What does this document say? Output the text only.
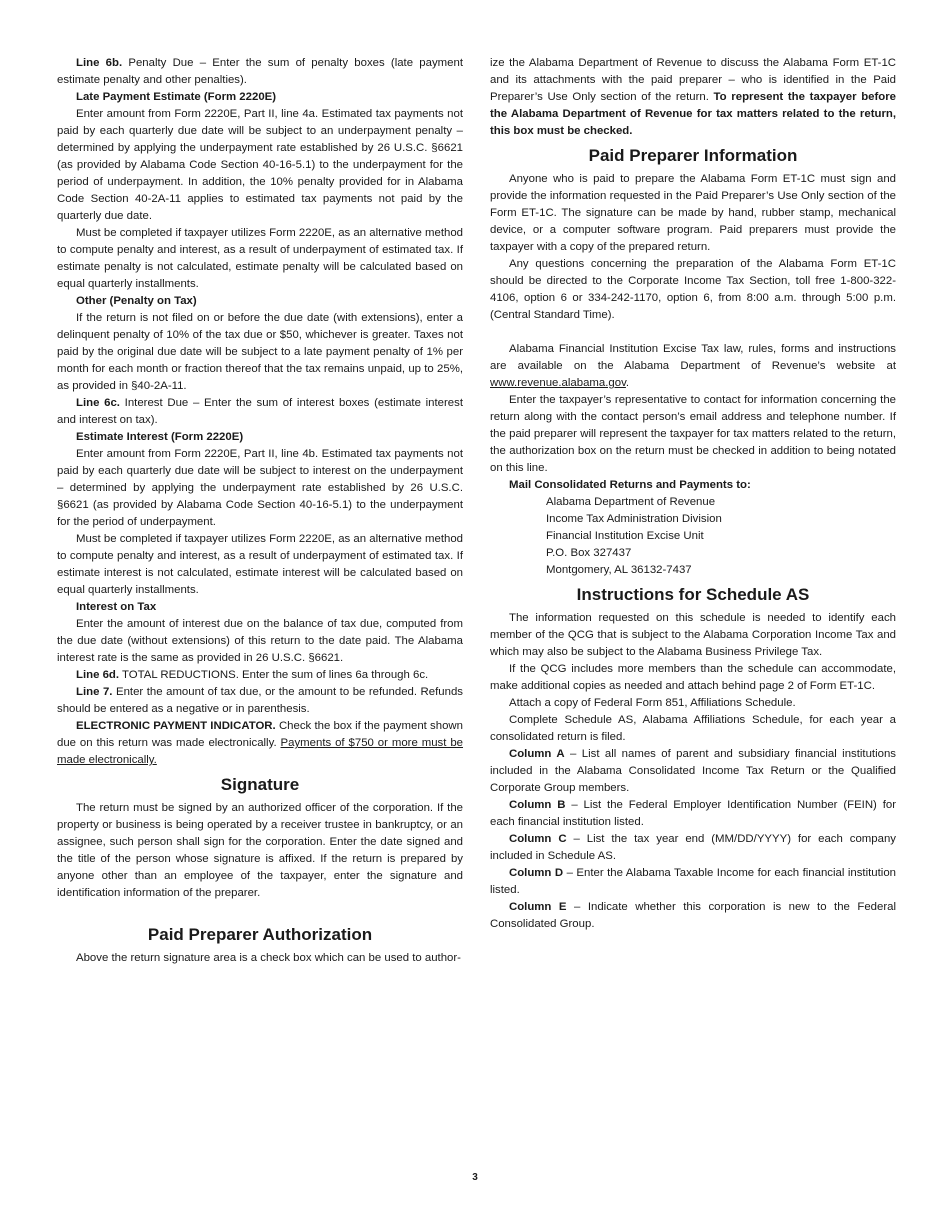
Line 6b. Penalty Due – Enter the sum of penalty boxes (late payment estimate penalty and other penalties).

Late Payment Estimate (Form 2220E)

Enter amount from Form 2220E, Part II, line 4a. Estimated tax payments not paid by each quarterly due date will be subject to an underpayment penalty – determined by applying the underpayment rate established by 26 U.S.C. §6621 (as provided by Alabama Code Section 40-16-5.1) to the underpayment for the period of underpayment. In addition, the 10% penalty provided for in Alabama Code Section 40-2A-11 applies to estimated tax payments not paid by the quarterly due date.

Must be completed if taxpayer utilizes Form 2220E, as an alternative method to compute penalty and interest, as a result of underpayment of estimated tax. If estimate penalty is not calculated, estimate penalty will be calculated based on equal quarterly installments.

Other (Penalty on Tax)

If the return is not filed on or before the due date (with extensions), enter a delinquent penalty of 10% of the tax due or $50, whichever is greater. Taxes not paid by the original due date will be subject to a late payment penalty of 1% per month for each month or fraction thereof that the tax remains unpaid, up to 25%, as provided in §40-2A-11.

Line 6c. Interest Due – Enter the sum of interest boxes (estimate interest and interest on tax).

Estimate Interest (Form 2220E)

Enter amount from Form 2220E, Part II, line 4b. Estimated tax payments not paid by each quarterly due date will be subject to interest on the underpayment – determined by applying the underpayment rate established by 26 U.S.C. §6621 (as provided by Alabama Code Section 40-16-5.1) to the underpayment for the period of underpayment.

Must be completed if taxpayer utilizes Form 2220E, as an alternative method to compute penalty and interest, as a result of underpayment of estimated tax. If estimate interest is not calculated, estimate interest will be calculated based on equal quarterly installments.

Interest on Tax

Enter the amount of interest due on the balance of tax due, computed from the due date (without extensions) of this return to the date paid. The Alabama interest rate is the same as provided in 26 U.S.C. §6621.

Line 6d. TOTAL REDUCTIONS. Enter the sum of lines 6a through 6c.

Line 7. Enter the amount of tax due, or the amount to be refunded. Refunds should be entered as a negative or in parenthesis.

ELECTRONIC PAYMENT INDICATOR. Check the box if the payment shown due on this return was made electronically. Payments of $750 or more must be made electronically.

Signature

The return must be signed by an authorized officer of the corporation. If the property or business is being operated by a receiver trustee in bankruptcy, or an assignee, such person shall sign for the corporation. Enter the date signed and the title of the person whose signature is affixed. If the return is prepared by anyone other than an employee of the taxpayer, enter the signature and identification information of the preparer.

Paid Preparer Authorization

Above the return signature area is a check box which can be used to author-

ize the Alabama Department of Revenue to discuss the Alabama Form ET-1C and its attachments with the paid preparer – who is identified in the Paid Preparer’s Use Only section of the return. To represent the taxpayer before the Alabama Department of Revenue for tax matters related to the return, this box must be checked.

Paid Preparer Information

Anyone who is paid to prepare the Alabama Form ET-1C must sign and provide the information requested in the Paid Preparer’s Use Only section of the Form ET-1C. The signature can be made by hand, rubber stamp, mechanical device, or a computer software program. Paid preparers must provide the taxpayer with a copy of the prepared return.

Any questions concerning the preparation of the Alabama Form ET-1C should be directed to the Corporate Income Tax Section, toll free 1-800-322-4106, option 6 or 334-242-1170, option 6, from 8:00 a.m. through 5:00 p.m. (Central Standard Time).

Alabama Financial Institution Excise Tax law, rules, forms and instructions are available on the Alabama Department of Revenue’s website at www.revenue.alabama.gov.

Enter the taxpayer’s representative to contact for information concerning the return along with the contact person’s email address and telephone number. If the paid preparer will represent the taxpayer for tax matters related to the return, the authorization box on the return must be checked in addition to being notated on this line.

Mail Consolidated Returns and Payments to:

Alabama Department of Revenue

Income Tax Administration Division

Financial Institution Excise Unit

P.O. Box 327437

Montgomery, AL 36132-7437

Instructions for Schedule AS

The information requested on this schedule is needed to identify each member of the QCG that is subject to the Alabama Corporation Income Tax and which may also be subject to the Alabama Business Privilege Tax.

If the QCG includes more members than the schedule can accommodate, make additional copies as needed and attach behind page 2 of Form ET-1C.

Attach a copy of Federal Form 851, Affiliations Schedule.

Complete Schedule AS, Alabama Affiliations Schedule, for each year a consolidated return is filed.

Column A – List all names of parent and subsidiary financial institutions included in the Alabama Consolidated Income Tax Return or the Qualified Corporate Group members.

Column B – List the Federal Employer Identification Number (FEIN) for each financial institution listed.

Column C – List the tax year end (MM/DD/YYYY) for each company included in Schedule AS.

Column D – Enter the Alabama Taxable Income for each financial institution listed.

Column E – Indicate whether this corporation is new to the Federal Consolidated Group.

3
